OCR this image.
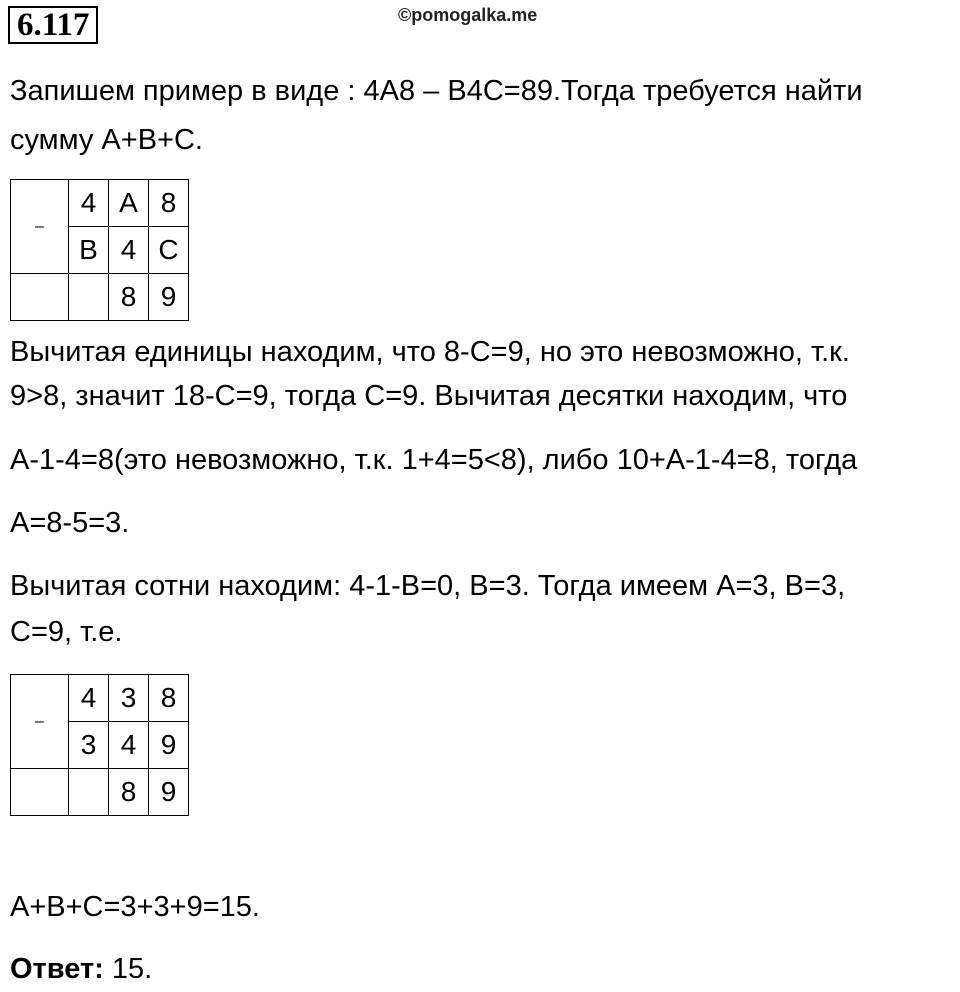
6.117	©pomogalka.me
Запишем пример в виде : 4А8 – В4С=89.Тогда требуется найти
сумму А+В+С.
–	4	А	8
	В	4	С
		8	9
Вычитая единицы находим, что 8-С=9, но это невозможно, т.к.
9>8, значит 18-С=9, тогда С=9. Вычитая десятки находим, что
А-1-4=8(это невозможно, т.к. 1+4=5<8), либо 10+А-1-4=8, тогда
А=8-5=3.
Вычитая сотни находим: 4-1-В=0, В=3. Тогда имеем А=3, В=3,
С=9, т.е.
–	4	3	8
	3	4	9
		8	9
А+В+С=3+3+9=15.
Ответ: 15.
